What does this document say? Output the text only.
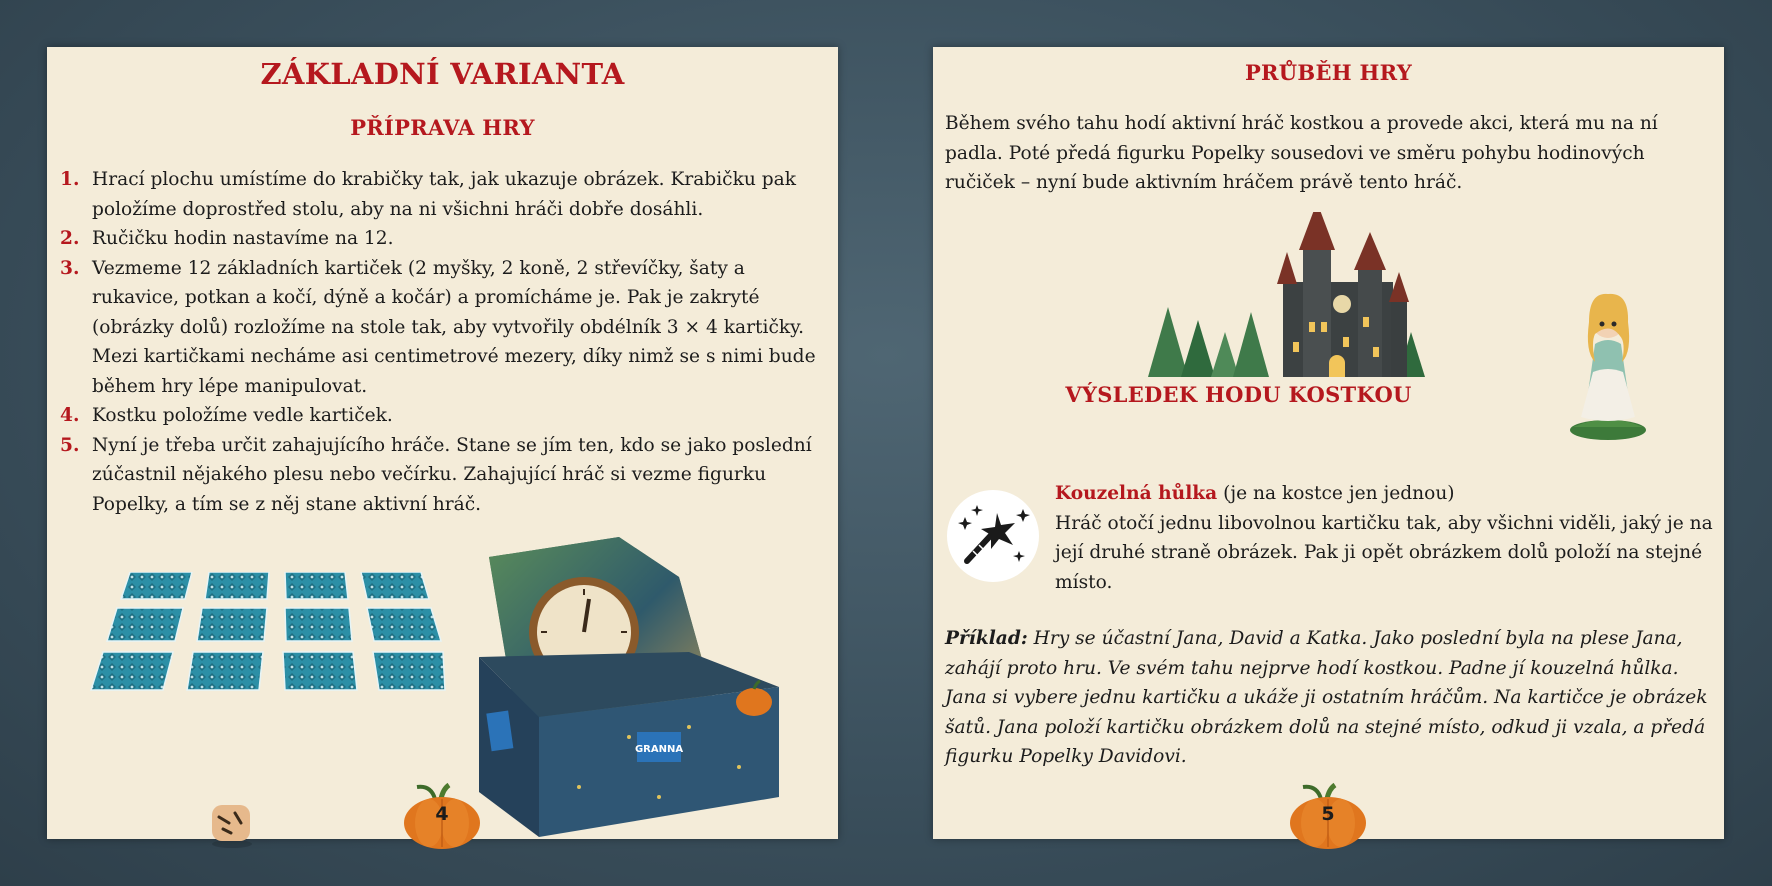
ZÁKLADNÍ VARIANTA
PŘÍPRAVA HRY
1. Hrací plochu umístíme do krabičky tak, jak ukazuje obrázek. Krabičku pak položíme doprostřed stolu, aby na ni všichni hráči dobře dosáhli.
2. Ručičku hodin nastavíme na 12.
3. Vezmeme 12 základních kartiček (2 myšky, 2 koně, 2 střevíčky, šaty a rukavice, potkan a kočí, dýně a kočár) a promícháme je. Pak je zakryté (obrázky dolů) rozložíme na stole tak, aby vytvořily obdélník 3 × 4 kartičky. Mezi kartičkami necháme asi centimetrové mezery, díky nimž se s nimi bude během hry lépe manipulovat.
4. Kostku položíme vedle kartiček.
5. Nyní je třeba určit zahajujícího hráče. Stane se jím ten, kdo se jako poslední zúčastnil nějakého plesu nebo večírku. Zahajující hráč si vezme figurku Popelky, a tím se z něj stane aktivní hráč.
GRANNA
4
PRŮBĚH HRY
Během svého tahu hodí aktivní hráč kostkou a provede akci, která mu na ní padla. Poté předá figurku Popelky sousedovi ve směru pohybu hodinových ručiček – nyní bude aktivním hráčem právě tento hráč.
VÝSLEDEK HODU KOSTKOU
Kouzelná hůlka (je na kostce jen jednou)
Hráč otočí jednu libovolnou kartičku tak, aby všichni viděli, jaký je na její druhé straně obrázek. Pak ji opět obrázkem dolů položí na stejné místo.
Příklad: Hry se účastní Jana, David a Katka. Jako poslední byla na plese Jana, zahájí proto hru. Ve svém tahu nejprve hodí kostkou. Padne jí kouzelná hůlka. Jana si vybere jednu kartičku a ukáže ji ostatním hráčům. Na kartičce je obrázek šatů. Jana položí kartičku obrázkem dolů na stejné místo, odkud ji vzala, a předá figurku Popelky Davidovi.
5
